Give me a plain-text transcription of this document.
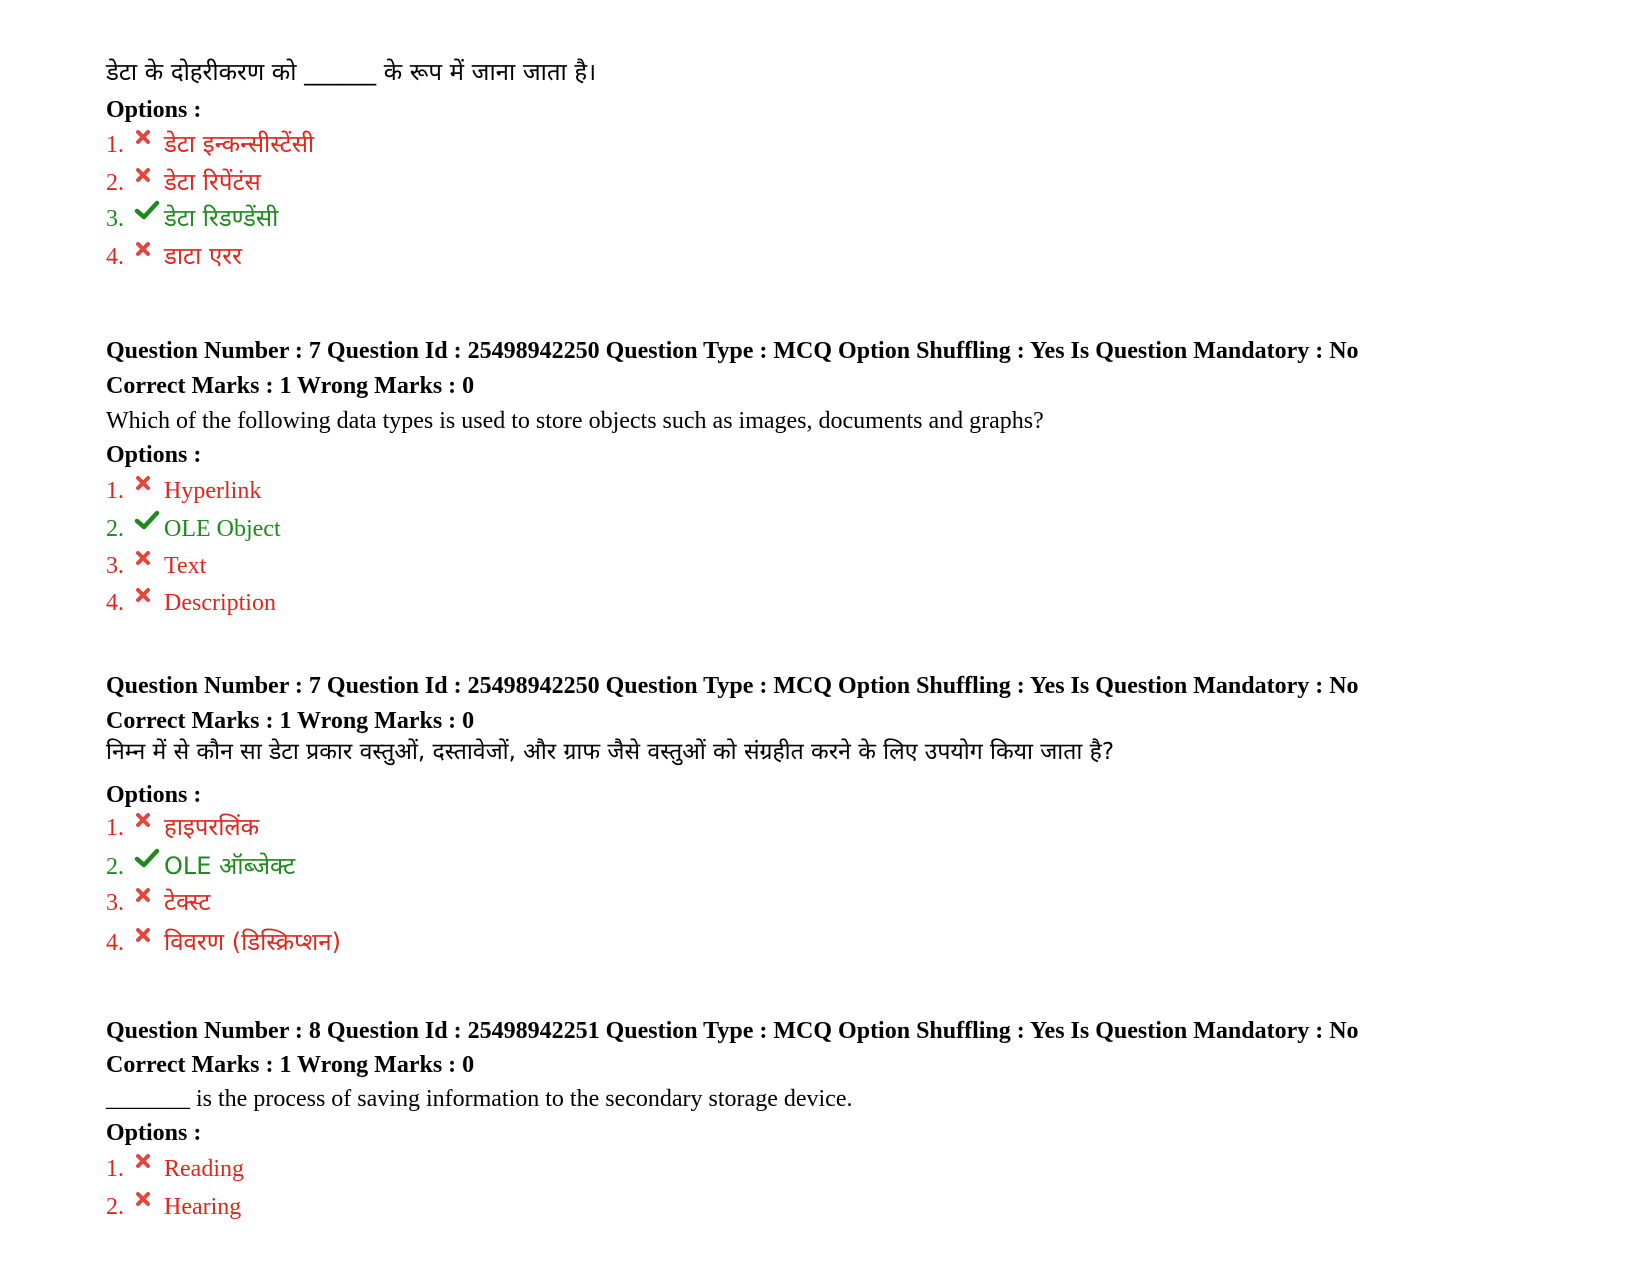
डेटा के दोहरीकरण को ______ के रूप में जाना जाता है।
Options :
1.	डेटा इन्कन्सीस्टेंसी
2.	डेटा रिपेंटंस
3.	डेटा रिडण्डेंसी
4.	डाटा एरर
Question Number : 7 Question Id : 25498942250 Question Type : MCQ Option Shuffling : Yes Is Question Mandatory : No
Correct Marks : 1 Wrong Marks : 0
Which of the following data types is used to store objects such as images, documents and graphs?
Options :
1.	Hyperlink
2.	OLE Object
3.	Text
4.	Description
Question Number : 7 Question Id : 25498942250 Question Type : MCQ Option Shuffling : Yes Is Question Mandatory : No
Correct Marks : 1 Wrong Marks : 0
निम्न में से कौन सा डेटा प्रकार वस्तुओं, दस्तावेजों, और ग्राफ जैसे वस्तुओं को संग्रहीत करने के लिए उपयोग किया जाता है?
Options :
1.	हाइपरलिंक
2.	OLE ऑब्जेक्ट
3.	टेक्स्ट
4.	विवरण (डिस्क्रिप्शन)
Question Number : 8 Question Id : 25498942251 Question Type : MCQ Option Shuffling : Yes Is Question Mandatory : No
Correct Marks : 1 Wrong Marks : 0
_______ is the process of saving information to the secondary storage device.
Options :
1.	Reading
2.	Hearing
